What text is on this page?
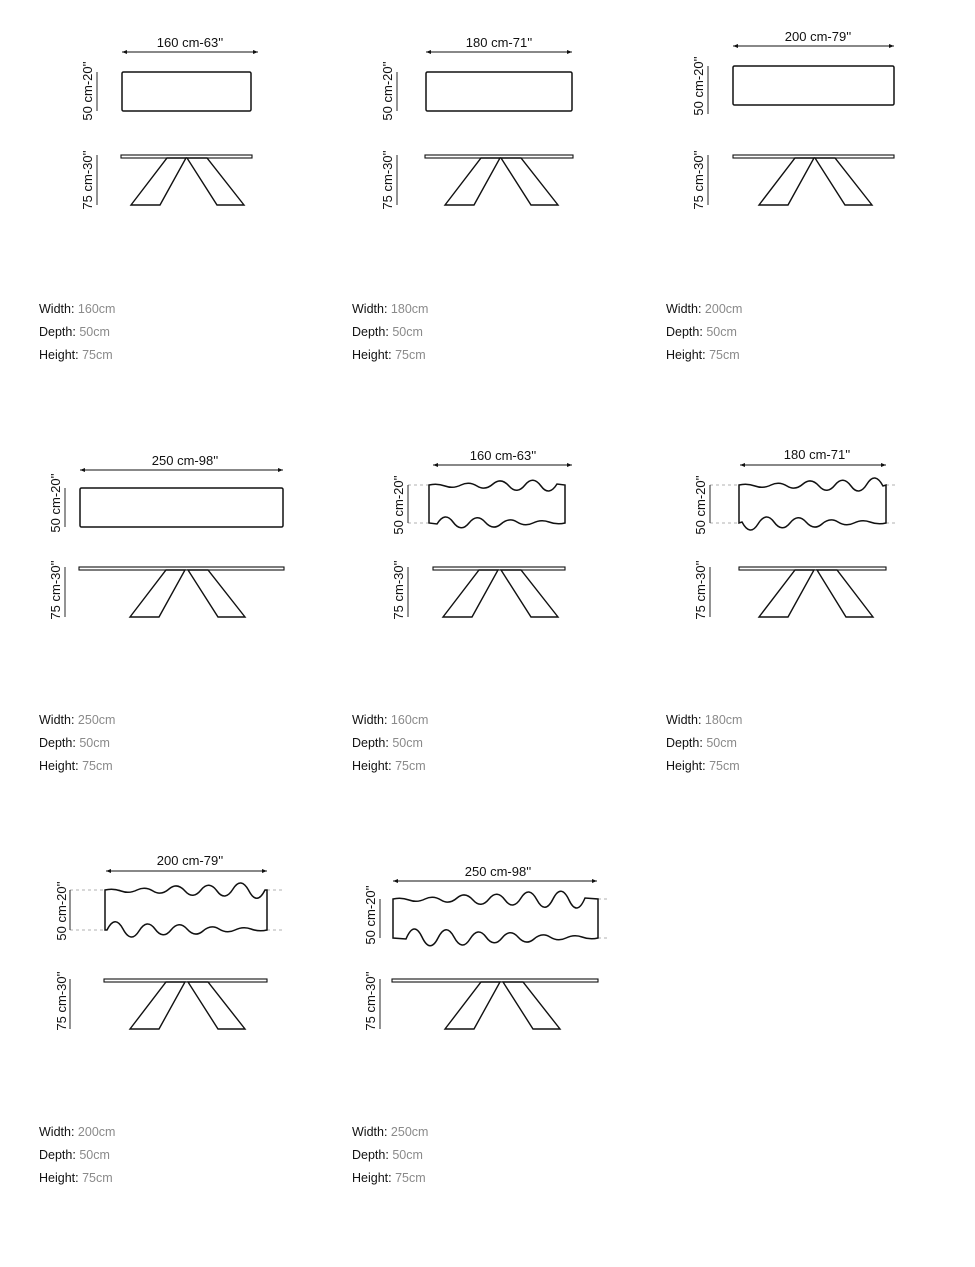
160 cm-63''
50 cm-20''
75 cm-30''
Width: 160cm
Depth: 50cm
Height: 75cm
180 cm-71''
50 cm-20''
75 cm-30''
Width: 180cm
Depth: 50cm
Height: 75cm
200 cm-79''
50 cm-20''
75 cm-30''
Width: 200cm
Depth: 50cm
Height: 75cm
250 cm-98''
50 cm-20''
75 cm-30''
Width: 250cm
Depth: 50cm
Height: 75cm
160 cm-63''
50 cm-20''
75 cm-30''
Width: 160cm
Depth: 50cm
Height: 75cm
180 cm-71''
50 cm-20''
75 cm-30''
Width: 180cm
Depth: 50cm
Height: 75cm
200 cm-79''
50 cm-20''
75 cm-30''
Width: 200cm
Depth: 50cm
Height: 75cm
250 cm-98''
50 cm-20''
75 cm-30''
Width: 250cm
Depth: 50cm
Height: 75cm
